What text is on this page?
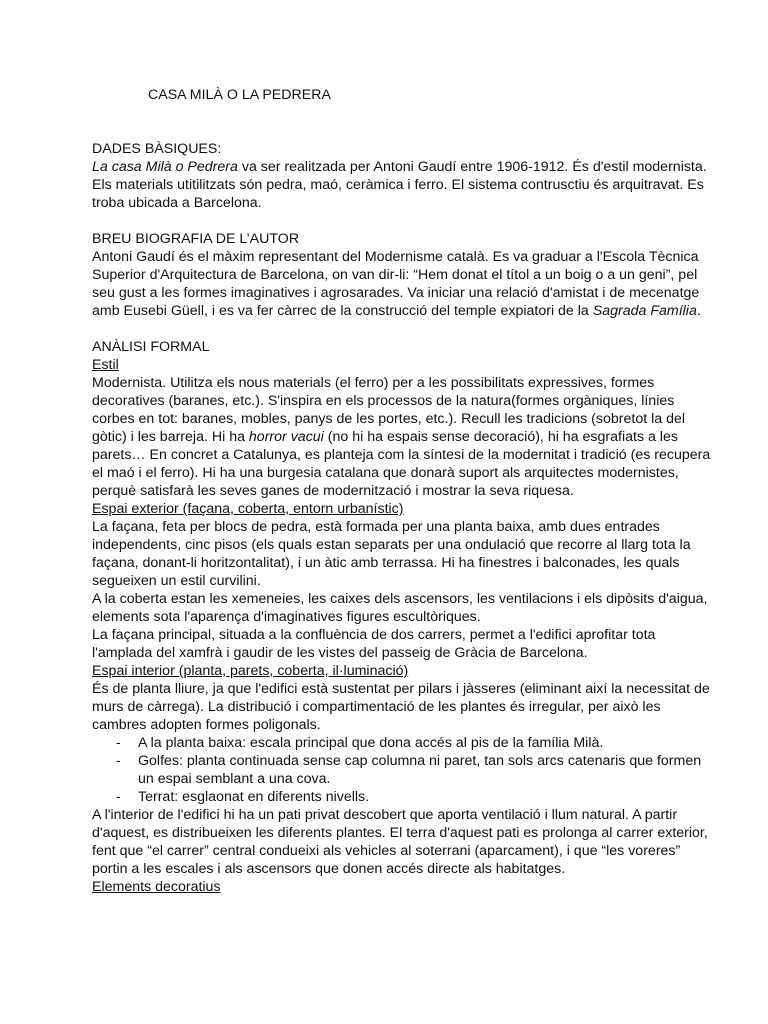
CASA MILÀ O LA PEDRERA

DADES BÀSIQUES:

La casa Milà o Pedrera va ser realitzada per Antoni Gaudí entre 1906-1912. És d'estil modernista. Els materials utitilitzats són pedra, maó, ceràmica i ferro. El sistema contrusctiu és arquitravat. Es troba ubicada a Barcelona.

BREU BIOGRAFIA DE L’AUTOR

Antoni Gaudí és el màxim representant del Modernisme català. Es va graduar a l'Escola Tècnica Superior d'Arquitectura de Barcelona, on van dir-li: “Hem donat el títol a un boig o a un geni”, pel seu gust a les formes imaginatives i agrosarades. Va iniciar una relació d'amistat i de mecenatge amb Eusebi Güell, i es va fer càrrec de la construcció del temple expiatori de la Sagrada Família.

ANÀLISI FORMAL

Estil

Modernista. Utilitza els nous materials (el ferro) per a les possibilitats expressives, formes decoratives (baranes, etc.). S'inspira en els processos de la natura(formes orgàniques, línies corbes en tot: baranes, mobles, panys de les portes, etc.). Recull les tradicions (sobretot la del gòtic) i les barreja. Hi ha horror vacui (no hi ha espais sense decoració), hi ha esgrafiats a les parets… En concret a Catalunya, es planteja com la síntesi de la modernitat i tradició (es recupera el maó i el ferro). Hi ha una burgesia catalana que donarà suport als arquitectes modernistes, perquè satisfarà les seves ganes de modernització i mostrar la seva riquesa.

Espai exterior (façana, coberta, entorn urbanístic)

La façana, feta per blocs de pedra, està formada per una planta baixa, amb dues entrades independents, cinc pisos (els quals estan separats per una ondulació que recorre al llarg tota la façana, donant-li horitzontalitat), i un àtic amb terrassa. Hi ha finestres i balconades, les quals segueixen un estil curvilini.

A la coberta estan les xemeneies, les caixes dels ascensors, les ventilacions i els dipòsits d'aigua, elements sota l'aparença d'imaginatives figures escultòriques.

La façana principal, situada a la confluència de dos carrers, permet a l'edifici aprofitar tota l'amplada del xamfrà i gaudir de les vistes del passeig de Gràcia de Barcelona.

Espai interior (planta, parets, coberta, il·luminació)

És de planta lliure, ja que l'edifici està sustentat per pilars i jàsseres (eliminant així la necessitat de murs de càrrega). La distribució i compartimentació de les plantes és irregular, per això les cambres adopten formes poligonals.

- A la planta baixa: escala principal que dona accés al pis de la família Milà.
- Golfes: planta continuada sense cap columna ni paret, tan sols arcs catenaris que formen un espai semblant a una cova.
- Terrat: esglaonat en diferents nivells.

A l'interior de l'edifici hi ha un pati privat descobert que aporta ventilació i llum natural. A partir d'aquest, es distribueixen les diferents plantes. El terra d'aquest pati es prolonga al carrer exterior, fent que “el carrer” central condueixi als vehicles al soterrani (aparcament), i que “les voreres” portin a les escales i als ascensors que donen accés directe als habitatges.

Elements decoratius
